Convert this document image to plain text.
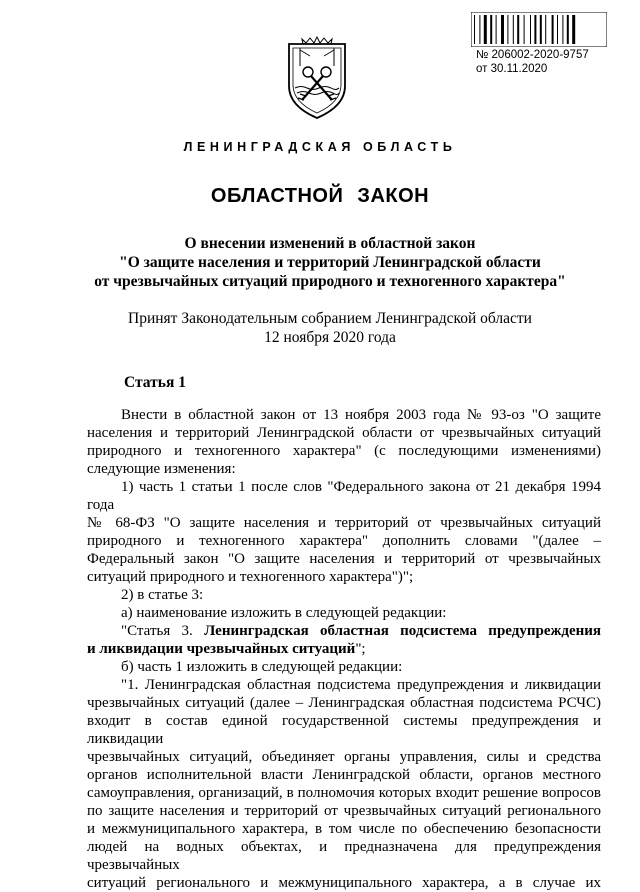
№ 206002-2020-9757
от 30.11.2020
ЛЕНИНГРАДСКАЯ ОБЛАСТЬ
ОБЛАСТНОЙ ЗАКОН
О внесении изменений в областной закон
"О защите населения и территорий Ленинградской области
от чрезвычайных ситуаций природного и техногенного характера"
Принят Законодательным собранием Ленинградской области
12 ноября 2020 года
Статья 1

Внести в областной закон от 13 ноября 2003 года № 93-оз "О защите

населения и территорий Ленинградской области от чрезвычайных ситуаций

природного и техногенного характера" (с последующими изменениями)

следующие изменения:

1) часть 1 статьи 1 после слов "Федерального закона от 21 декабря 1994 года

№ 68-ФЗ "О защите населения и территорий от чрезвычайных ситуаций

природного и техногенного характера" дополнить словами "(далее –

Федеральный закон "О защите населения и территорий от чрезвычайных

ситуаций природного и техногенного характера")";

2) в статье 3:

а) наименование изложить в следующей редакции:

"Статья 3. Ленинградская областная подсистема предупреждения

и ликвидации чрезвычайных ситуаций";

б) часть 1 изложить в следующей редакции:

"1. Ленинградская областная подсистема предупреждения и ликвидации

чрезвычайных ситуаций (далее – Ленинградская областная подсистема РСЧС)

входит в состав единой государственной системы предупреждения и ликвидации

чрезвычайных ситуаций, объединяет органы управления, силы и средства

органов исполнительной власти Ленинградской области, органов местного

самоуправления, организаций, в полномочия которых входит решение вопросов

по защите населения и территорий от чрезвычайных ситуаций регионального

и межмуниципального характера, в том числе по обеспечению безопасности

людей на водных объектах, и предназначена для предупреждения чрезвычайных

ситуаций регионального и межмуниципального характера, а в случае их
